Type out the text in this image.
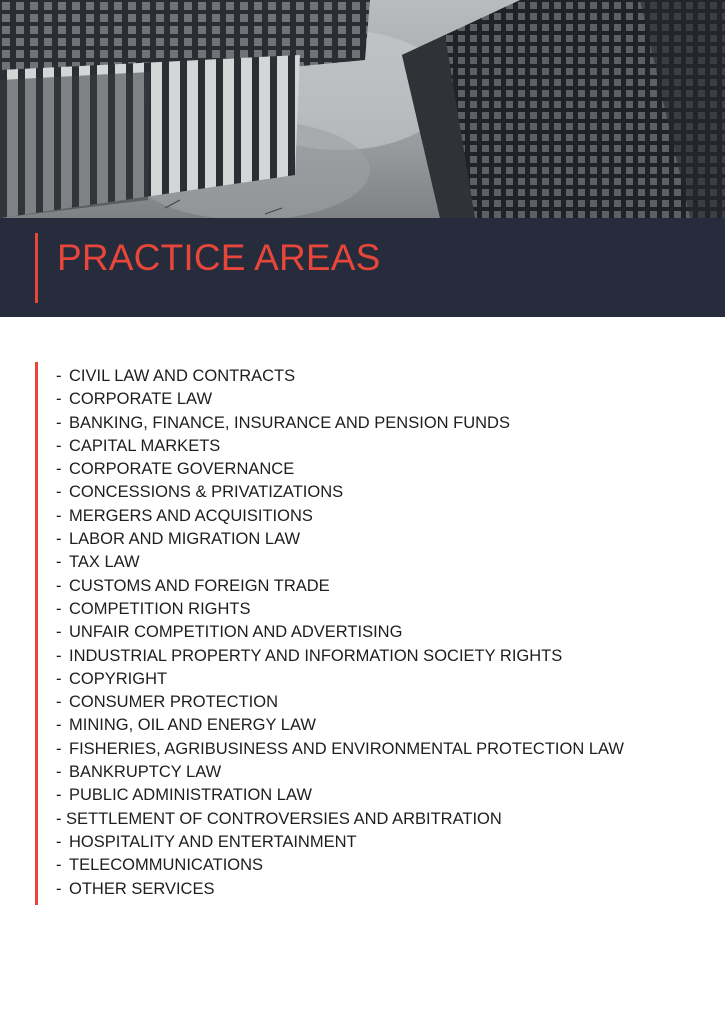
PRACTICE AREAS
- CIVIL LAW AND CONTRACTS
- CORPORATE LAW
- BANKING, FINANCE, INSURANCE AND PENSION FUNDS
- CAPITAL MARKETS
- CORPORATE GOVERNANCE
- CONCESSIONS & PRIVATIZATIONS
- MERGERS AND ACQUISITIONS
- LABOR AND MIGRATION LAW
- TAX LAW
- CUSTOMS AND FOREIGN TRADE
- COMPETITION RIGHTS
- UNFAIR COMPETITION AND ADVERTISING
- INDUSTRIAL PROPERTY AND INFORMATION SOCIETY RIGHTS
- COPYRIGHT
- CONSUMER PROTECTION
- MINING, OIL AND ENERGY LAW
- FISHERIES, AGRIBUSINESS AND ENVIRONMENTAL PROTECTION LAW
- BANKRUPTCY LAW
- PUBLIC ADMINISTRATION LAW
- SETTLEMENT OF CONTROVERSIES AND ARBITRATION
- HOSPITALITY AND ENTERTAINMENT
- TELECOMMUNICATIONS
- OTHER SERVICES
